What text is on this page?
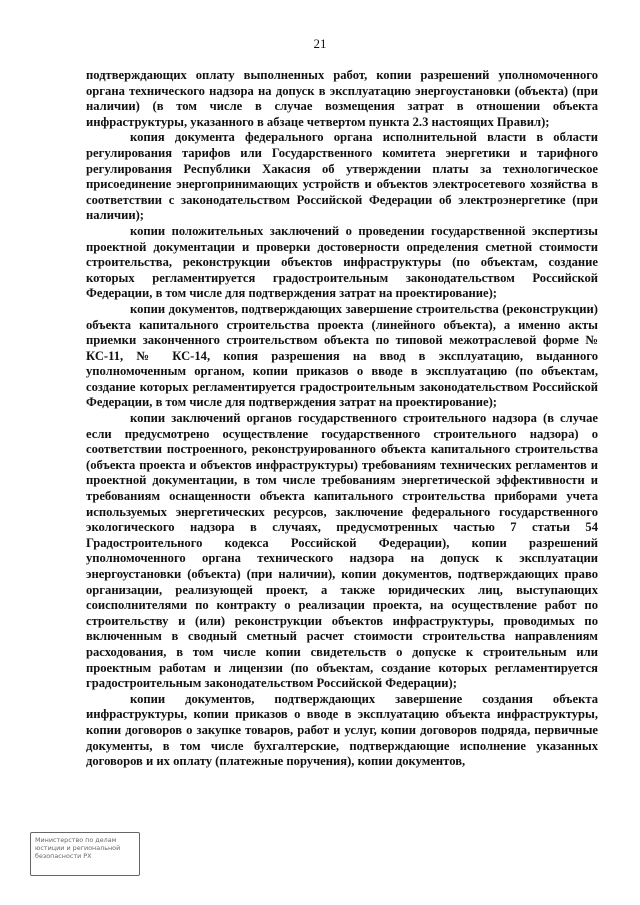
21

подтверждающих оплату выполненных работ, копии разрешений уполномоченного органа технического надзора на допуск в эксплуатацию энергоустановки (объекта) (при наличии) (в том числе в случае возмещения затрат в отношении объекта инфраструктуры, указанного в абзаце четвертом пункта 2.3 настоящих Правил);

копия документа федерального органа исполнительной власти в области регулирования тарифов или Государственного комитета энергетики и тарифного регулирования Республики Хакасия об утверждении платы за технологическое присоединение энергопринимающих устройств и объектов электросетевого хозяйства в соответствии с законодательством Российской Федерации об электроэнергетике (при наличии);

копии положительных заключений о проведении государственной экспертизы проектной документации и проверки достоверности определения сметной стоимости строительства, реконструкции объектов инфраструктуры (по объектам, создание которых регламентируется градостроительным законодательством Российской Федерации, в том числе для подтверждения затрат на проектирование);

копии документов, подтверждающих завершение строительства (реконструкции) объекта капитального строительства проекта (линейного объекта), а именно акты приемки законченного строительством объекта по типовой межотраслевой форме № КС-11, № КС-14, копия разрешения на ввод в эксплуатацию, выданного уполномоченным органом, копии приказов о вводе в эксплуатацию (по объектам, создание которых регламентируется градостроительным законодательством Российской Федерации, в том числе для подтверждения затрат на проектирование);

копии заключений органов государственного строительного надзора (в случае если предусмотрено осуществление государственного строительного надзора) о соответствии построенного, реконструированного объекта капитального строительства (объекта проекта и объектов инфраструктуры) требованиям технических регламентов и проектной документации, в том числе требованиям энергетической эффективности и требованиям оснащенности объекта капитального строительства приборами учета используемых энергетических ресурсов, заключение федерального государственного экологического надзора в случаях, предусмотренных частью 7 статьи 54 Градостроительного кодекса Российской Федерации), копии разрешений уполномоченного органа технического надзора на допуск к эксплуатации энергоустановки (объекта) (при наличии), копии документов, подтверждающих право организации, реализующей проект, а также юридических лиц, выступающих соисполнителями по контракту о реализации проекта, на осуществление работ по строительству и (или) реконструкции объектов инфраструктуры, проводимых по включенным в сводный сметный расчет стоимости строительства направлениям расходования, в том числе копии свидетельств о допуске к строительным или проектным работам и лицензии (по объектам, создание которых регламентируется градостроительным законодательством Российской Федерации);

копии документов, подтверждающих завершение создания объекта инфраструктуры, копии приказов о вводе в эксплуатацию объекта инфраструктуры, копии договоров о закупке товаров, работ и услуг, копии договоров подряда, первичные документы, в том числе бухгалтерские, подтверждающие исполнение указанных договоров и их оплату (платежные поручения), копии документов,

Министерство по делам
юстиции и региональной
безопасности РХ
